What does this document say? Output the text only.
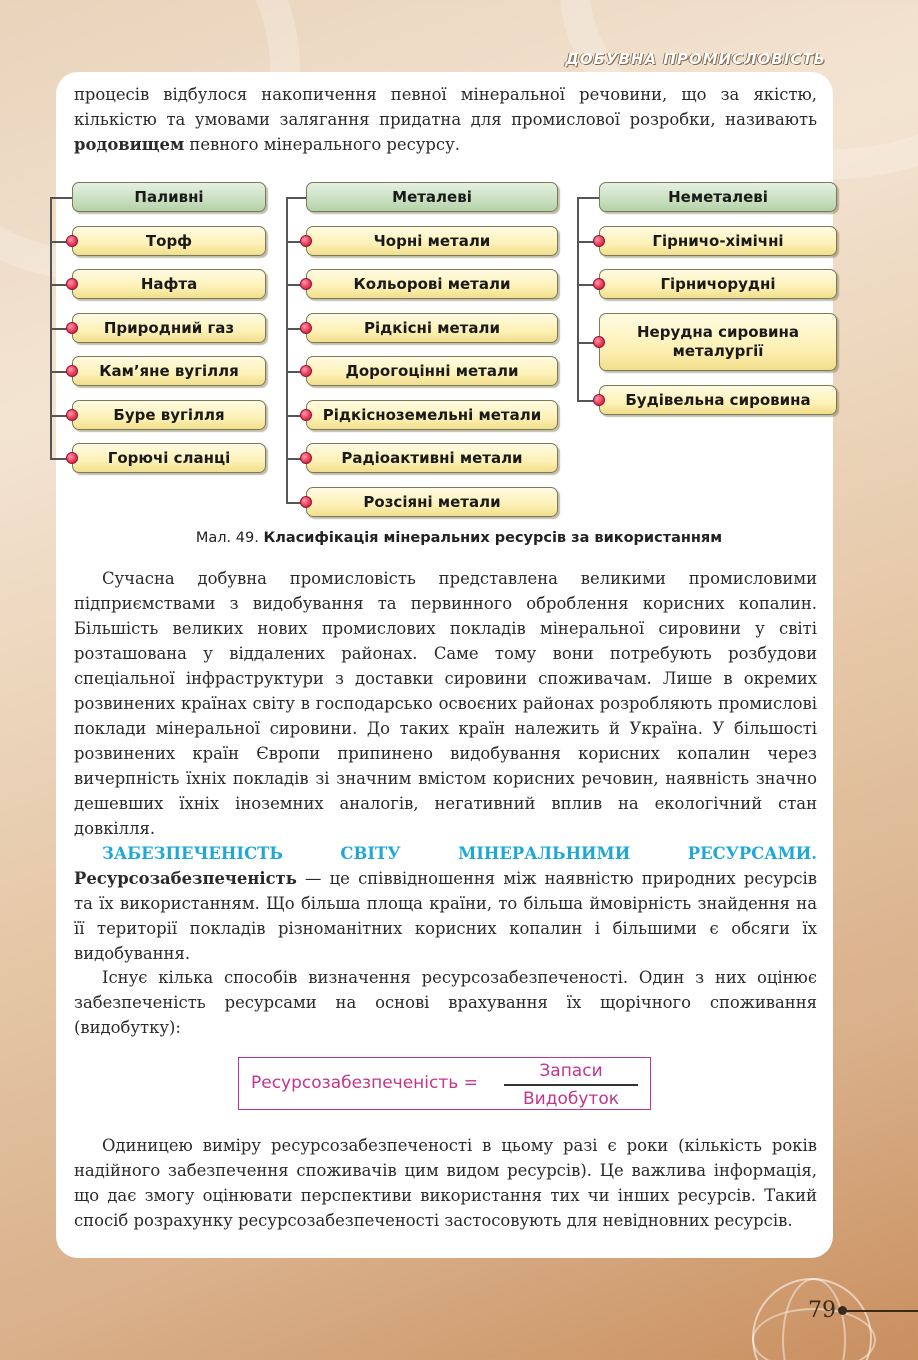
ДОБУВНА ПРОМИСЛОВІСТЬ
процесів відбулося накопичення певної мінеральної речовини, що за якістю, кількістю та умовами залягання придатна для промислової розробки, називають родовищем певного мінерального ресурсу.
Паливні
Торф
Нафта
Природний газ
Кам’яне вугілля
Буре вугілля
Горючі сланці
Металеві
Чорні метали
Кольорові метали
Рідкісні метали
Дорогоцінні метали
Рідкісноземельні метали
Радіоактивні метали
Розсіяні метали
Неметалеві
Гірничо-хімічні
Гірничорудні
Нерудна сировина металургії
Будівельна сировина
Мал. 49. Класифікація мінеральних ресурсів за використанням
Сучасна добувна промисловість представлена великими промисловими підприємствами з видобування та первинного оброблення корисних копалин. Більшість великих нових промислових покладів мінеральної сировини у світі розташована у віддалених районах. Саме тому вони потребують розбудови спеціальної інфраструктури з доставки сировини споживачам. Лише в окремих розвинених країнах світу в господарсько освоєних районах розробляють промислові поклади мінеральної сировини. До таких країн належить й Україна. У більшості розвинених країн Європи припинено видобування корисних копалин через вичерпність їхніх покладів зі значним вмістом корисних речовин, наявність значно дешевших їхніх іноземних аналогів, негативний вплив на екологічний стан довкілля.
ЗАБЕЗПЕЧЕНІСТЬ СВІТУ МІНЕРАЛЬНИМИ РЕСУРСАМИ. Ресурсозабезпеченість — це співвідношення між наявністю природних ресурсів та їх використанням. Що більша площа країни, то більша ймовірність знайдення на її території покладів різноманітних корисних копалин і більшими є обсяги їх видобування.
Існує кілька способів визначення ресурсозабезпеченості. Один з них оцінює забезпеченість ресурсами на основі врахування їх щорічного споживання (видобутку):
Ресурсозабезпеченість =
Запаси
Видобуток
Одиницею виміру ресурсозабезпеченості в цьому разі є роки (кількість років надійного забезпечення споживачів цим видом ресурсів). Це важлива інформація, що дає змогу оцінювати перспективи використання тих чи інших ресурсів. Такий спосіб розрахунку ресурсозабезпеченості застосовують для невідновних ресурсів.
79
